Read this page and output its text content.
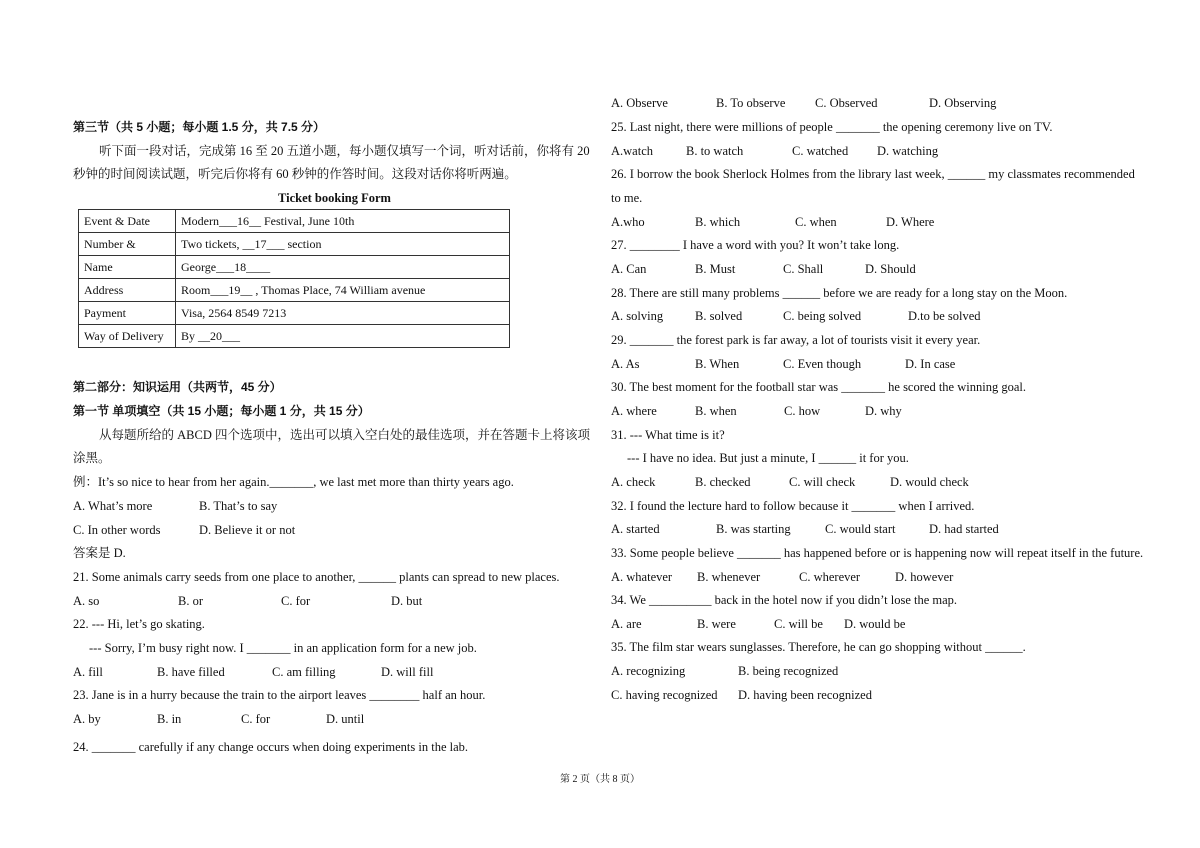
第三节（共 5 小题；每小题 1.5 分，共 7.5 分）
听下面一段对话，完成第 16 至 20 五道小题，每小题仅填写一个词，听对话前，你将有 20
秒钟的时间阅读试题，听完后你将有 60 秒钟的作答时间。这段对话你将听两遍。
Ticket booking Form
Event & Date	Modern___16__ Festival, June 10th
Number &	Two tickets, __17___ section
Name	George___18____
Address	Room___19__ , Thomas Place, 74 William avenue
Payment	Visa, 2564 8549 7213
Way of Delivery	By __20___
第二部分：知识运用（共两节，45 分）
第一节 单项填空（共 15 小题；每小题 1 分，共 15 分）
从每题所给的 ABCD 四个选项中，选出可以填入空白处的最佳选项，并在答题卡上将该项
涂黑。
例：It’s so nice to hear from her again._______, we last met more than thirty years ago.
A. What’s more	B. That’s to say
C. In other words	D. Believe it or not
答案是 D.
21. Some animals carry seeds from one place to another, ______ plants can spread to new places.
A. so	B. or	C. for	D. but
22. --- Hi, let’s go skating.
--- Sorry, I’m busy right now. I _______ in an application form for a new job.
A. fill	B. have filled	C. am filling	D. will fill
23. Jane is in a hurry because the train to the airport leaves ________ half an hour.
A. by	B. in	C. for	D. until
24. _______ carefully if any change occurs when doing experiments in the lab.
A. Observe	B. To observe C. Observed	D. Observing
25. Last night, there were millions of people _______ the opening ceremony live on TV.
A.watch	B. to watch	C. watched D. watching
26. I borrow the book Sherlock Holmes from the library last week, ______ my classmates recommended
to me.
A.who	B. which	C. when	D. Where
27. ________ I have a word with you? It won’t take long.
A. Can	B. Must	C. Shall	D. Should
28. There are still many problems ______ before we are ready for a long stay on the Moon.
A. solving	B. solved	C. being solved	D.to be solved
29. _______ the forest park is far away, a lot of tourists visit it every year.
A. As	B. When	C. Even though	D. In case
30. The best moment for the football star was _______ he scored the winning goal.
A. where	B. when	C. how	D. why
31. --- What time is it?
--- I have no idea. But just a minute, I ______ it for you.
A. check	B. checked	C. will check	D. would check
32. I found the lecture hard to follow because it _______ when I arrived.
A. started	B. was starting	C. would start	D. had started
33. Some people believe _______ has happened before or is happening now will repeat itself in the future.
A. whatever B. whenever	C. wherever	D. however
34. We __________ back in the hotel now if you didn’t lose the map.
A. are	B. were	C. will be D. would be
35. The film star wears sunglasses. Therefore, he can go shopping without ______.
A. recognizing	B. being recognized
C. having recognized D. having been recognized
第 2 页（共 8 页）
